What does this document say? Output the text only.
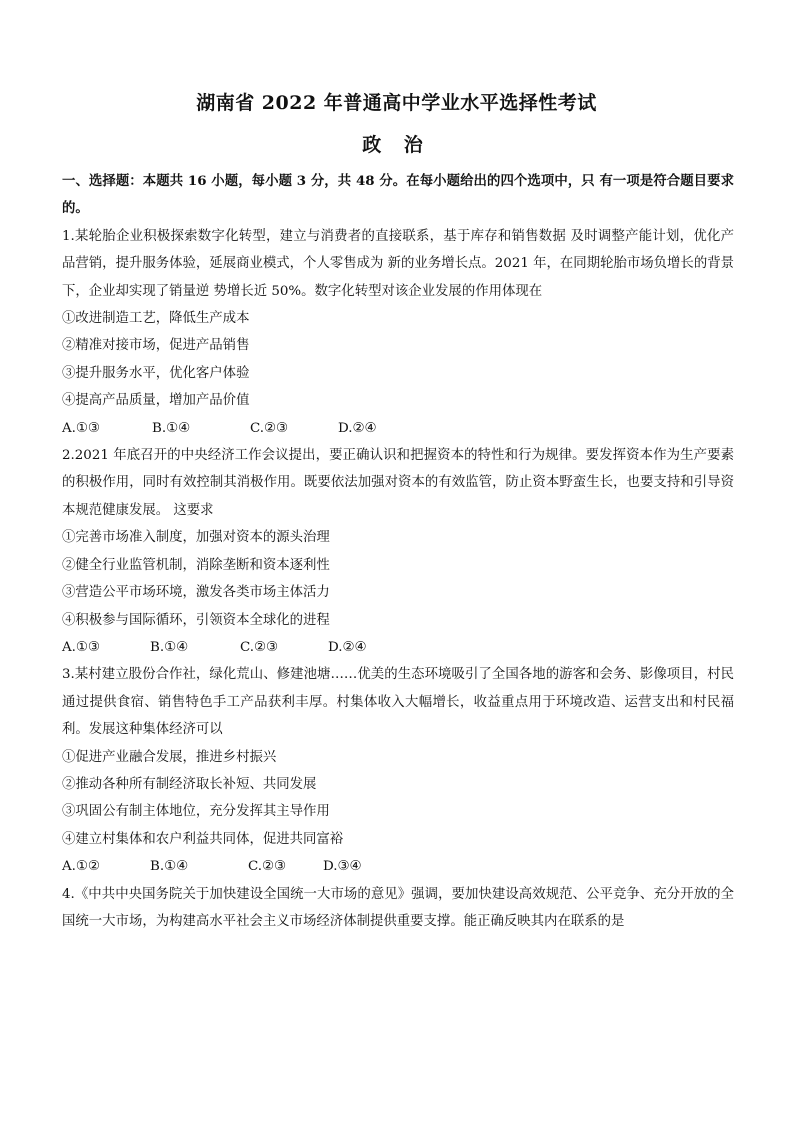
湖南省 2022 年普通高中学业水平选择性考试
政 治

一、选择题：本题共 16 小题，每小题 3 分，共 48 分。在每小题给出的四个选项中，只 有一项是符合题目要求的。

1.某轮胎企业积极探索数字化转型，建立与消费者的直接联系，基于库存和销售数据 及时调整产能计划，优化产品营销，提升服务体验，延展商业模式，个人零售成为 新的业务增长点。2021 年，在同期轮胎市场负增长的背景下，企业却实现了销量逆 势增长近 50%。数字化转型对该企业发展的作用体现在

①改进制造工艺，降低生产成本

②精准对接市场，促进产品销售

③提升服务水平，优化客户体验

④提高产品质量，增加产品价值

A.①③	B.①④	C.②③	D.②④

2.2021 年底召开的中央经济工作会议提出，要正确认识和把握资本的特性和行为规律。要发挥资本作为生产要素的积极作用，同时有效控制其消极作用。既要依法加强对资本的有效监管，防止资本野蛮生长，也要支持和引导资本规范健康发展。 这要求

①完善市场准入制度，加强对资本的源头治理

②健全行业监管机制，消除垄断和资本逐利性

③营造公平市场环境，激发各类市场主体活力

④积极参与国际循环，引领资本全球化的进程

A.①③	B.①④	C.②③	D.②④

3.某村建立股份合作社，绿化荒山、修建池塘……优美的生态环境吸引了全国各地的游客和会务、影像项目，村民通过提供食宿、销售特色手工产品获利丰厚。村集体收入大幅增长，收益重点用于环境改造、运营支出和村民福利。发展这种集体经济可以

①促进产业融合发展，推进乡村振兴

②推动各种所有制经济取长补短、共同发展

③巩固公有制主体地位，充分发挥其主导作用

④建立村集体和农户利益共同体，促进共同富裕

A.①②	B.①④	C.②③	D.③④

4.《中共中央国务院关于加快建设全国统一大市场的意见》强调，要加快建设高效规范、公平竞争、充分开放的全国统一大市场，为构建高水平社会主义市场经济体制提供重要支撑。能正确反映其内在联系的是
